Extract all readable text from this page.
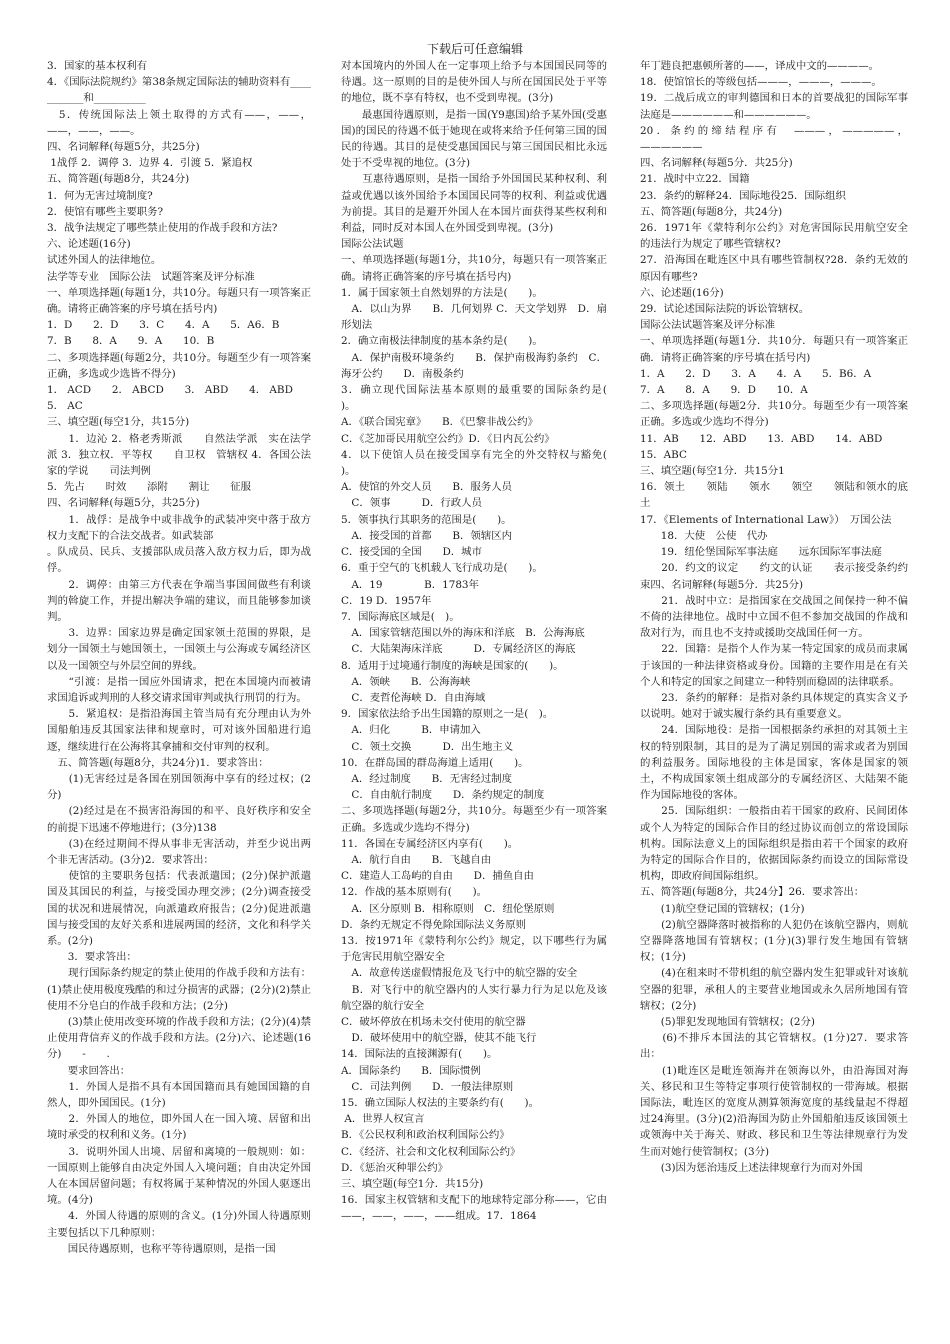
下载后可任意编辑

3．国家的基本权利有

4．《国际法院规约》第38条规定国际法的辅助资料有___________和__________

　5．传统国际法上领土取得的方式有——，——，——，——，——。

四、名词解释(每题5分，共25分)

1战俘 2．调停 3．边界 4．引渡 5．紧追权

五、简答题(每题8分，共24分)

1．何为无害过境制度?

2．使馆有哪些主要职务?

3．战争法规定了哪些禁止使用的作战手段和方法?

六、论述题(16分)

试述外国人的法律地位。

法学等专业　国际公法　试题答案及评分标准

一、单项选择题(每题1分，共10分。每题只有一项答案正确。请将正确答案的序号填在括号内)

1．D　　2．D　　3．C　　4．A　　5．A6．B

7．B　　8．A　　9．A　　10．B

二、多项选择题(每题2分，共10分。每题至少有一项答案正确，多选或少选皆不得分)

1． ACD　　2． ABCD　　3． ABD　　4． ABD

5． AC

三、填空题(每空1分，共15分)

　　1．边沁 2．格老秀斯派　　自然法学派　实在法学派 3．独立权．平等权　　自卫权　管辖权 4．各国公法家的学说　　司法判例

5．先占　　时效　　添附　　割让　　征服

四、名词解释(每题5分，共25分)

　　1．战俘：是战争中或非战争的武装冲突中落于敌方权力支配下的合法交战者。如武装部

。队成员、民兵、支援部队成员落入敌方权力后，即为战俘。

　　2．调停：由第三方代表在争端当事国间做些有利谈判的斡旋工作，并提出解决争端的建议，而且能够参加谈判。

　　3．边界：国家边界是确定国家领土范围的界限，是划分一国领土与她国领土，一国领土与公海或专属经济区以及一国领空与外层空间的界线。

　　“引渡：是指一国应外国请求，把在本国境内而被请求国追诉或判刑的人移交请求国审判或执行刑罚的行为。

　　5．紧追权：是指沿海国主管当局有充分理由认为外国船舶违反其国家法律和规章时，可对该外国船进行追逐，继续进行在公海将其拿捕和交付审判的权利。

　五、简答题(每题8分，共24分)1．要求答出：

　　(1)无害经过是各国在别国领海中享有的经过权；(2分)

　　(2)经过是在不损害沿海国的和平、良好秩序和安全的前提下迅速不停地进行；(3分)138

　　(3)在经过期间不得从事非无害活动，并至少说出两个非无害活动。(3分)2．要求答出：

　　使馆的主要职务包括：代表派遣国；(2分)保护派遣国及其国民的利益，与接受国办理交涉；(2分)调查接受国的状况和进展情况，向派遣政府报告；(2分)促进派遣国与接受国的友好关系和进展两国的经济，文化和科学关系。(2分)

　　3．要求答出：

　　现行国际条约规定的禁止使用的作战手段和方法有：(1)禁止使用极度残酷的和过分损害的武器；(2分)(2)禁止使用不分皂白的作战手段和方法；(2分)

　　(3)禁止使用改变环境的作战手段和方法；(2分)(4)禁止使用背信弃义的作战手段和方法。(2分)六、论述题(16分)　　-　　.

　　要求回答出：

　　1．外国人是指不具有本国国籍而具有她国国籍的自然人，即外国国民。(1分)

　　2．外国人的地位，即外国人在一国入境、居留和出境时承受的权利和义务。(1分)

　　3．说明外国人出境、居留和离境的一般规则：如：一国原则上能够自由决定外国人入境问题；自由决定外国人在本国居留问题；有权将属于某种情况的外国人驱逐出境。(4分)

　　4．外国人待遇的原则的含义。(1分)外国人待遇原则主要包括以下几种原则：

　　国民待遇原则，也称平等待遇原则，是指一国

对本国境内的外国人在一定事项上给予与本国国民同等的待遇。这一原则的目的是使外国人与所在国国民处于平等的地位，既不享有特权，也不受到卑视。(3分)

　　最惠国待遇原则，是指一国(Y9惠国)给予某外国(受惠国)的国民的待遇不低于她现在或将来给予任何第三国的国民的待遇。其目的是使受惠国国民与第三国国民相比永远处于不受卑视的地位。(3分)

　　互惠待遇原则，是指一国给予外国国民某种权利、利益或优遇以该外国给予本国国民同等的权利、利益或优遇为前提。其目的是避开外国人在本国片面获得某些权利和利益，同时反对本国人在外国受到卑视。(3分)

国际公法试题

一、单项选择题(每题1分，共10分，每题只有一项答案正确。请将正确答案的序号填在括号内)

1．属于国家领土自然划界的方法是(　　)。

　A．以山为界　　B．几何划界 C．天文学划界　D．扇形划法

2．确立南极法律制度的基本条约是(　　)。

　A．保护南极环境条约　　B．保护南极海豹条约　C．海牙公约　　D．南极条约

3．确立现代国际法基本原则的最重要的国际条约是(　　)。

A．《联合国宪章》　　B．《巴黎非战公约》

C．《芝加哥民用航空公约》D．《日内瓦公约》

4．以下使馆人员在接受国享有完全的外交特权与豁免(　　)。

A．使馆的外交人员　　B．服务人员

　C．领事　　　D．行政人员

5．领事执行其职务的范围是(　　)。

　A．接受国的首都　　B．领辖区内

C．接受国的全国　　D．城市

6．重于空气的飞机载人飞行成功是(　　)。

　A．19　　　　B．1783年

C．19 D．1957年

7．国际海底区域是(　)。

　A．国家管辖范围以外的海床和洋底　B．公海海底

　C．大陆架海床洋底　　　D．专属经济区的海底

8．适用于过境通行制度的海峡是国家的(　　)。

　A．领峡　　B．公海海峡

　C．麦哲伦海峡 D．自由海域

9．国家依法给予出生国籍的原则之一是(　)。

　A．归化　　　B．申请加入

　C．领土交换　　　D．出生地主义

10．在群岛国的群岛海道上适用(　　)。

　A．经过制度　　B．无害经过制度

　C．自由航行制度　　D．条约规定的制度

二、多项选择题(每题2分，共10分。每题至少有一项答案正确。多选或少选均不得分)

11．各国在专属经济区内享有(　　)。

　A．航行自由　　B．飞越自由

C．建造人工岛屿的自由　　D．捕鱼自由

12．作战的基本原则有(　　)。

　A．区分原则 B．相称原则　C．纽伦堡原则

D．条约无规定不得免除国际法义务原则

13．按1971年《蒙特利尔公约》规定，以下哪些行为属于危害民用航空器安全

　A．故意传送虚假情报危及飞行中的航空器的安全

　B．对飞行中的航空器内的人实行暴力行为足以危及该航空器的航行安全

C．破坏停放在机场未交付使用的航空器

　D．破坏使用中的航空器，使其不能飞行

14．国际法的直接渊源有(　　)。

A．国际条约　　B．国际惯例

　C．司法判例　　D．一般法律原则

15．确立国际人权法的主要条约有(　　)。

A．世界人权宣言

B．《公民权利和政治权利国际公约》

C．《经济、社会和文化权利国际公约》

D．《惩治灭种罪公约》

三、填空题(每空1分．共15分)

16．国家主权管辖和支配下的地球特定部分称——，它由——，——，——，——组成。17．1864

年丁韪良把惠顿所著的——，译成中文的————。

18．使馆馆长的等级包括———，———，———。

19．二战后成立的审判德国和日本的首要战犯的国际军事法庭是——————和——————。

20．条约的缔结程序有　———，—————，——————

四、名词解释(每题5分．共25分)

21．战时中立22．国籍

23．条约的解释24．国际地役25．国际组织

五、简答题(每题8分，共24分)

26．1971年《蒙特利尔公约》对危害国际民用航空安全的违法行为规定了哪些管辖权?

27．沿海国在毗连区中具有哪些管制权?28．条约无效的原因有哪些?

六、论述题(16分)

29．试论述国际法院的诉讼管辖权。

国际公法试题答案及评分标准

一、单项选择题(每题1分．共10分．每题只有一项答案正确．请将正确答案的序号填在括号内)

1．A　　2．D　　3．A　　4．A　　5．B6．A

7．A　　8．A　　9．D　　10．A

二、多项选择题(每题2分．共10分。每题至少有一项答案正确。多选或少选均不得分)

11．AB　　12．ABD　　13．ABD　　14．ABD

15．ABC

三、填空题(每空1分．共15分1

16．领土　　领陆　　领水　　领空　　领陆和领水的底土

17．《Elements of International Law》）　万国公法

　　18．大使　公使　代办

　　19．纽伦堡国际军事法庭　　远东国际军事法庭

　　20．约文的议定　　约文的认证　　表示接受条约约束四、名词解释(每题5分．共25分)

　　21．战时中立：是指国家在交战国之间保持一种不偏不倚的法律地位。战时中立国不但不参加交战国的作战和敌对行为，而且也不支持或援助交战国任何一方。

　　22．国籍：是指个人作为某一特定国家的成员而隶属于该国的一种法律资格或身份。国籍的主要作用是在有关个人和特定的国家之间建立一种特别而稳固的法律联系。

　　23．条约的解释：是指对条约具体规定的真实含义予以说明。她对于诚实履行条约具有重要意义。

　　24．国际地役：是指一国根据条约承担的对其领土主权的特别限制，其目的是为了满足别国的需求或者为别国的利益服务。国际地役的主体是国家，客体是国家的领土，不构成国家领土组成部分的专属经济区、大陆架不能作为国际地役的客体。

　　25．国际组织：一般指由若干国家的政府、民间团体或个人为特定的国际合作目的经过协议而创立的常设国际机构。国际法意义上的国际组织是指由若干个国家的政府为特定的国际合作目的，依据国际条约而设立的国际常设机构，即政府间国际组织。

五、简答题(每题8分，共24分】26．要求答出：

　　(1)航空登记国的管辖权；(1分)

　　(2)航空器降落时被指称的人犯仍在该航空器内，则航空器降落地国有管辖权；(1分)(3)罪行发生地国有管辖权；(1分)

　　(4)在租来时不带机组的航空器内发生犯罪或针对该航空器的犯罪，承租人的主要营业地国或永久居所地国有管辖权；(2分)

　　(5)罪犯发现地国有管辖权；(2分)

　　(6)不排斥本国法的其它管辖权。(1分)27．要求答出：

　　(1)毗连区是毗连领海并在领海以外，由沿海国对海关、移民和卫生等特定事项行使管制权的一带海域。根据国际法，毗连区的宽度从测算领海宽度的基线量起不得超过24海里。(3分)(2)沿海国为防止外国船舶违反该国领土或领海中关于海关、财政、移民和卫生等法律规章行为发生而对她行使管制权；(3分)

　　(3)因为惩治违反上述法律规章行为而对外国
